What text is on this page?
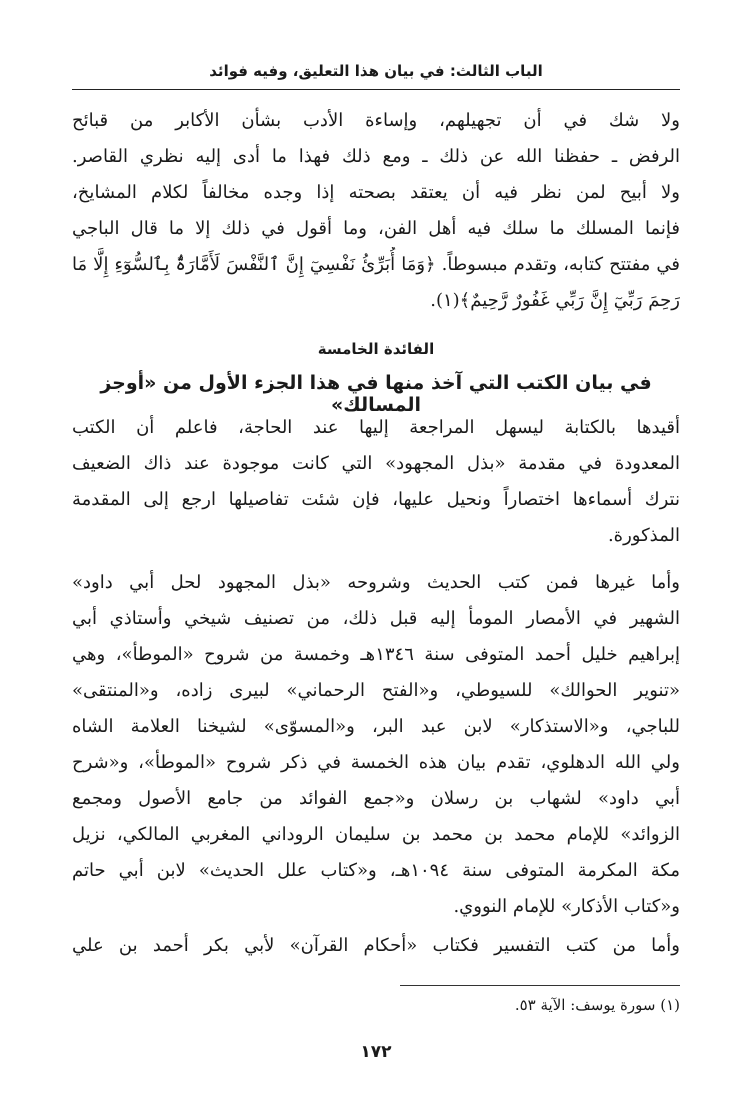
الباب الثالث: في بيان هذا التعليق، وفيه فوائد
ولا شك في أن تجهيلهم، وإساءة الأدب بشأن الأكابر من قبائح
الرفض ـ حفظنا الله عن ذلك ـ ومع ذلك فهذا ما أدى إليه نظري القاصر.
ولا أبيح لمن نظر فيه أن يعتقد بصحته إذا وجده مخالفاً لكلام المشايخ،
فإنما المسلك ما سلك فيه أهل الفن، وما أقول في ذلك إلا ما قال الباجي
في مفتتح كتابه، وتقدم مبسوطاً. ﴿وَمَا أُبَرِّئُ نَفْسِيٓ إِنَّ ٱلنَّفْسَ لَأَمَّارَةٌۢ بِٱلسُّوٓءِ إِلَّا مَا
رَحِمَ رَبِّيٓ إِنَّ رَبِّي غَفُورٌ رَّحِيمٌ﴾(١).
الفائدة الخامسة
في بيان الكتب التي آخذ منها في هذا الجزء الأول من «أوجز المسالك»
أقيدها بالكتابة ليسهل المراجعة إليها عند الحاجة، فاعلم أن الكتب
المعدودة في مقدمة «بذل المجهود» التي كانت موجودة عند ذاك الضعيف
نترك أسماءها اختصاراً ونحيل عليها، فإن شئت تفاصيلها ارجع إلى المقدمة
المذكورة.
وأما غيرها فمن كتب الحديث وشروحه «بذل المجهود لحل أبي داود»
الشهير في الأمصار المومأ إليه قبل ذلك، من تصنيف شيخي وأستاذي أبي
إبراهيم خليل أحمد المتوفى سنة ١٣٤٦هـ وخمسة من شروح «الموطأ»، وهي
«تنوير الحوالك» للسيوطي، و«الفتح الرحماني» لبيرى زاده، و«المنتقى»
للباجي، و«الاستذكار» لابن عبد البر، و«المسوّى» لشيخنا العلامة الشاه
ولي الله الدهلوي، تقدم بيان هذه الخمسة في ذكر شروح «الموطأ»، و«شرح
أبي داود» لشهاب بن رسلان و«جمع الفوائد من جامع الأصول ومجمع
الزوائد» للإمام محمد بن محمد بن سليمان الروداني المغربي المالكي، نزيل
مكة المكرمة المتوفى سنة ١٠٩٤هـ، و«كتاب علل الحديث» لابن أبي حاتم
و«كتاب الأذكار» للإمام النووي.
وأما من كتب التفسير فكتاب «أحكام القرآن» لأبي بكر أحمد بن علي
(١) سورة يوسف: الآية ٥٣.
١٧٢
